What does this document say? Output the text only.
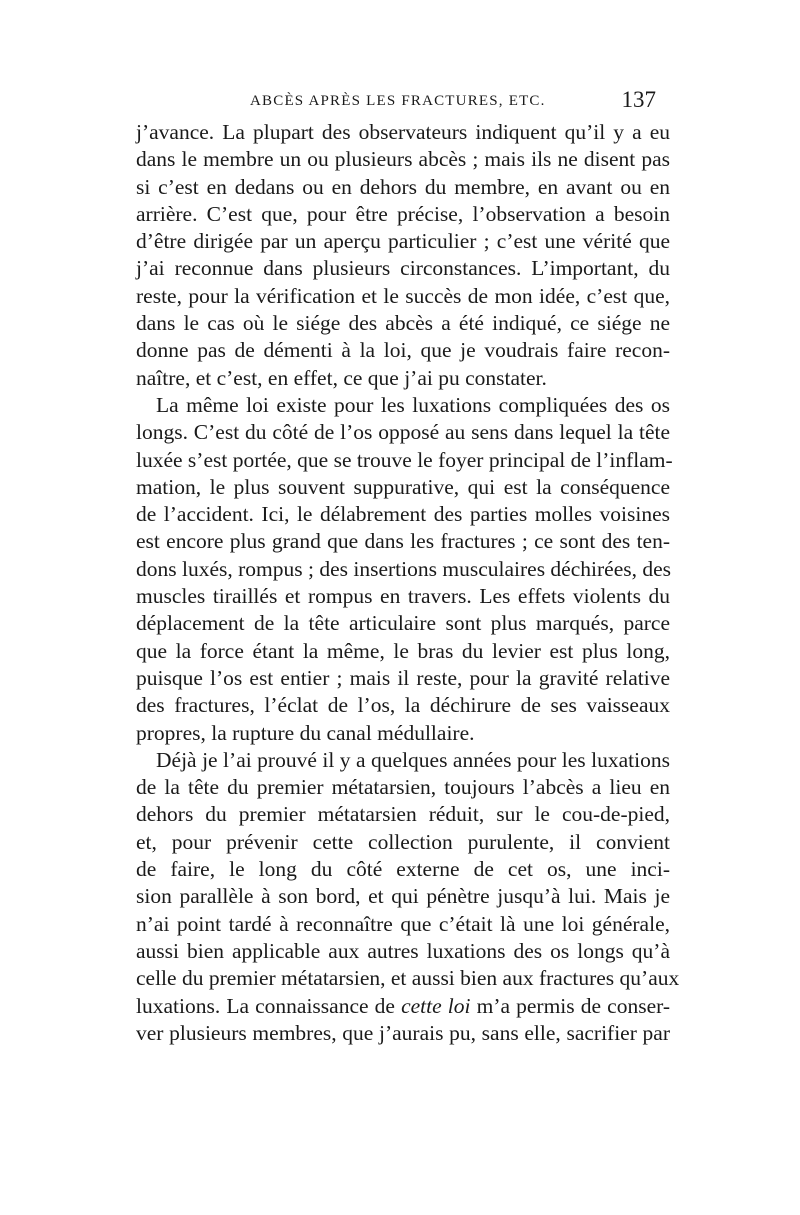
ABCÈS APRÈS LES FRACTURES, ETC.	137
j’avance. La plupart des observateurs indiquent qu’il y a eu
dans le membre un ou plusieurs abcès ; mais ils ne disent pas
si c’est en dedans ou en dehors du membre, en avant ou en
arrière. C’est que, pour être précise, l’observation a besoin
d’être dirigée par un aperçu particulier ; c’est une vérité que
j’ai reconnue dans plusieurs circonstances. L’important, du
reste, pour la vérification et le succès de mon idée, c’est que,
dans le cas où le siége des abcès a été indiqué, ce siége ne
donne pas de démenti à la loi, que je voudrais faire recon-
naître, et c’est, en effet, ce que j’ai pu constater.
La même loi existe pour les luxations compliquées des os
longs. C’est du côté de l’os opposé au sens dans lequel la tête
luxée s’est portée, que se trouve le foyer principal de l’inflam-
mation, le plus souvent suppurative, qui est la conséquence
de l’accident. Ici, le délabrement des parties molles voisines
est encore plus grand que dans les fractures ; ce sont des ten-
dons luxés, rompus ; des insertions musculaires déchirées, des
muscles tiraillés et rompus en travers. Les effets violents du
déplacement de la tête articulaire sont plus marqués, parce
que la force étant la même, le bras du levier est plus long,
puisque l’os est entier ; mais il reste, pour la gravité relative
des fractures, l’éclat de l’os, la déchirure de ses vaisseaux
propres, la rupture du canal médullaire.
Déjà je l’ai prouvé il y a quelques années pour les luxations
de la tête du premier métatarsien, toujours l’abcès a lieu en
dehors du premier métatarsien réduit, sur le cou-de-pied,
et, pour prévenir cette collection purulente, il convient
de faire, le long du côté externe de cet os, une inci-
sion parallèle à son bord, et qui pénètre jusqu’à lui. Mais je
n’ai point tardé à reconnaître que c’était là une loi générale,
aussi bien applicable aux autres luxations des os longs qu’à
celle du premier métatarsien, et aussi bien aux fractures qu’aux
luxations. La connaissance de cette loi m’a permis de conser-
ver plusieurs membres, que j’aurais pu, sans elle, sacrifier par
